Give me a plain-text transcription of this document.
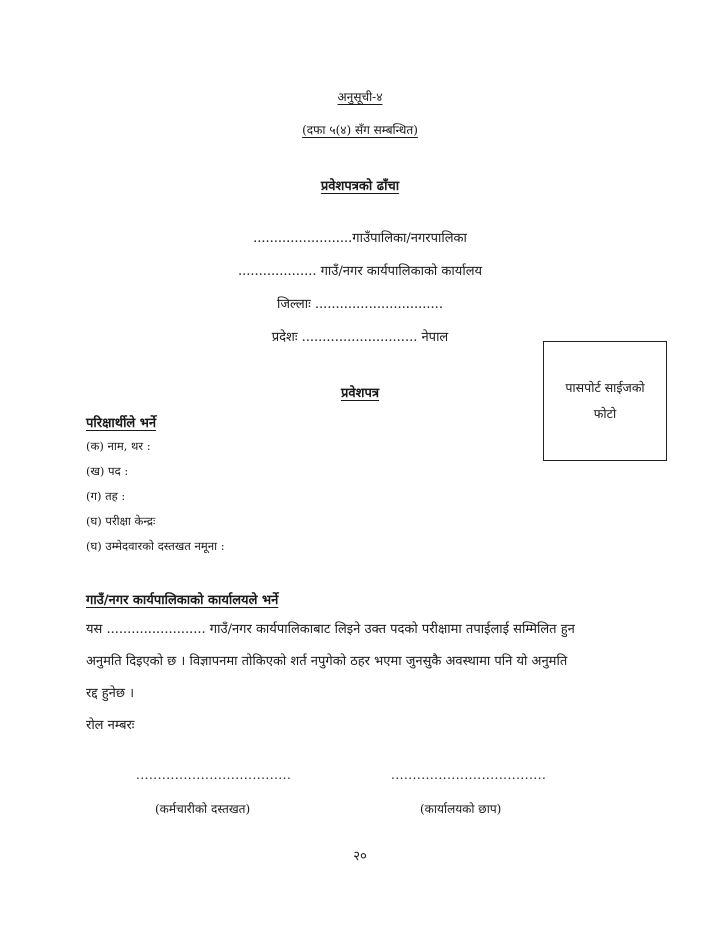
अनुसूची-४
(दफा ५(४) सँग सम्बन्धित)
प्रवेशपत्रको ढाँचा
........................गाउँपालिका/नगरपालिका
................... गाउँ/नगर कार्यपालिकाको कार्यालय
जिल्लाः ...............................
प्रदेशः ............................ नेपाल
पासपोर्ट साईजको
फोटो
प्रवेशपत्र
परिक्षार्थीले भर्ने
(क) नाम, थर :
(ख) पद :
(ग) तह :
(घ) परीक्षा केन्द्रः
(घ) उम्मेदवारको दस्तखत नमूना :
गाउँ/नगर कार्यपालिकाको कार्यालयले भर्ने
यस ........................ गाउँ/नगर कार्यपालिकाबाट लिइने उक्त पदको परीक्षामा तपाईलाई सम्मिलित हुन
अनुमति दिइएको छ । विज्ञापनमा तोकिएको शर्त नपुगेको ठहर भएमा जुनसुकै अवस्थामा पनि यो अनुमति
रद्द हुनेछ ।
रोल नम्बरः
....................................	....................................
(कर्मचारीको दस्तखत)	(कार्यालयको छाप)
२०
